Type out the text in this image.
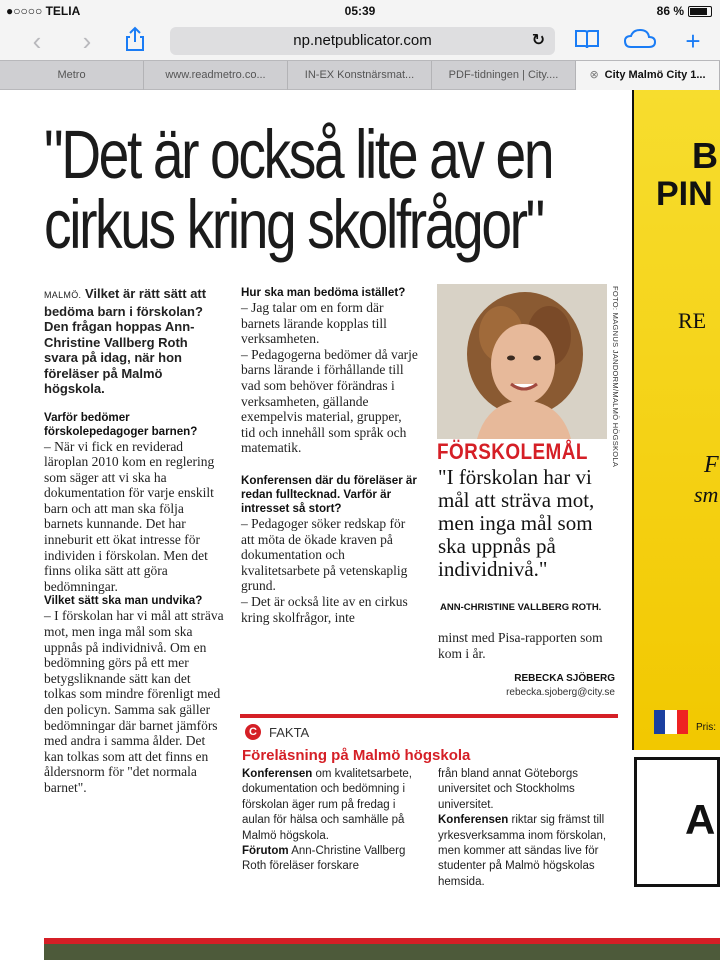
●○○○○ TELIA	05:39	86 %
‹	›	np.netpublicator.com	↻	+
Metro	www.readmetro.co...	IN-EX Konstnärsmat...	PDF-tidningen | City....	⊗ City Malmö City 1...
"Det är också lite av en cirkus kring skolfrågor"

MALMÖ. Vilket är rätt sätt att bedöma barn i förskolan? Den frågan hoppas Ann-Christine Vallberg Roth svara på idag, när hon föreläser på Malmö högskola.

Varför bedömer förskolepedagoger barnen?

– När vi fick en reviderad läroplan 2010 kom en reglering som säger att vi ska ha dokumentation för varje enskilt barn och att man ska följa barnets kunnande. Det har inneburit ett ökat intresse för individen i förskolan. Men det finns olika sätt att göra bedömningar.

Vilket sätt ska man undvika?

– I förskolan har vi mål att sträva mot, men inga mål som ska uppnås på individnivå. Om en bedömning görs på ett mer betygsliknande sätt kan det tolkas som mindre förenligt med den policyn. Samma sak gäller bedömningar där barnet jämförs med andra i samma ålder. Det kan tolkas som att det finns en åldersnorm för "det normala barnet".

Hur ska man bedöma istället?

– Jag talar om en form där barnets lärande kopplas till verksamheten.

– Pedagogerna bedömer då varje barns lärande i förhållande till vad som behöver förändras i verksamheten, gällande exempelvis material, grupper, tid och innehåll som språk och matematik.

Konferensen där du föreläser är redan fulltecknad. Varför är intresset så stort?

– Pedagoger söker redskap för att möta de ökade kraven på dokumentation och kvalitetsarbete på vetenskaplig grund.

– Det är också lite av en cirkus kring skolfrågor, inte

FOTO: MAGNUS JANDORM/MALMÖ HÖGSKOLA
FÖRSKOLEMÅL
"I förskolan har vi mål att sträva mot, men inga mål som ska uppnås på individnivå."
ANN-CHRISTINE VALLBERG ROTH.

minst med Pisa-rapporten som kom i år.

REBECKA SJÖBERG
rebecka.sjoberg@city.se
C FAKTA
Föreläsning på Malmö högskola

Konferensen om kvalitetsarbete, dokumentation och bedömning i förskolan äger rum på fredag i aulan för hälsa och samhälle på Malmö högskola.

Förutom Ann-Christine Vallberg Roth föreläser forskare

från bland annat Göteborgs universitet och Stockholms universitet.

Konferensen riktar sig främst till yrkesverksamma inom förskolan, men kommer att sändas live för studenter på Malmö högskolas hemsida.

B
PIN
RE
F
sm
Pris:
A
